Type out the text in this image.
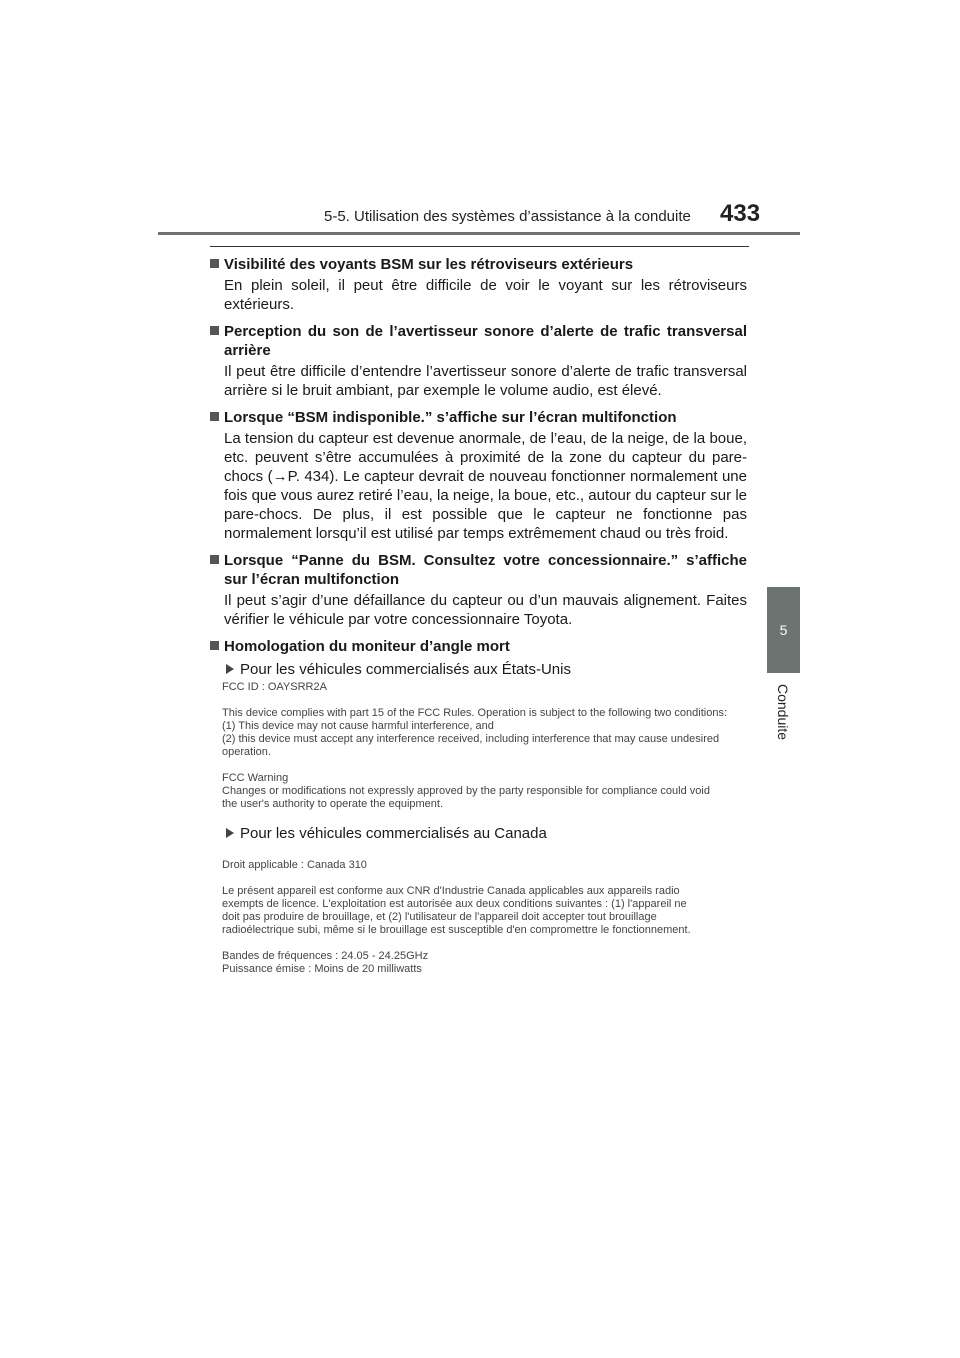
5-5. Utilisation des systèmes d’assistance à la conduite 433
5
Conduite
Visibilité des voyants BSM sur les rétroviseurs extérieurs
En plein soleil, il peut être difficile de voir le voyant sur les rétroviseurs extérieurs.
Perception du son de l’avertisseur sonore d’alerte de trafic transversal arrière
Il peut être difficile d’entendre l’avertisseur sonore d’alerte de trafic transversal arrière si le bruit ambiant, par exemple le volume audio, est élevé.
Lorsque “BSM indisponible.” s’affiche sur l’écran multifonction
La tension du capteur est devenue anormale, de l’eau, de la neige, de la boue, etc. peuvent s’être accumulées à proximité de la zone du capteur du pare-chocs (→P. 434). Le capteur devrait de nouveau fonctionner normalement une fois que vous aurez retiré l’eau, la neige, la boue, etc., autour du capteur sur le pare-chocs. De plus, il est possible que le capteur ne fonctionne pas normalement lorsqu’il est utilisé par temps extrêmement chaud ou très froid.
Lorsque “Panne du BSM. Consultez votre concessionnaire.” s’affiche sur l’écran multifonction
Il peut s’agir d’une défaillance du capteur ou d’un mauvais alignement. Faites vérifier le véhicule par votre concessionnaire Toyota.
Homologation du moniteur d’angle mort
Pour les véhicules commercialisés aux États-Unis
FCC ID : OAYSRR2A
This device complies with part 15 of the FCC Rules. Operation is subject to the following two conditions:
(1) This device may not cause harmful interference, and
(2) this device must accept any interference received, including interference that may cause undesired
operation.
FCC Warning
Changes or modifications not expressly approved by the party responsible for compliance could void
the user's authority to operate the equipment.
Pour les véhicules commercialisés au Canada
Droit applicable : Canada 310
Le présent appareil est conforme aux CNR d'Industrie Canada applicables aux appareils radio
exempts de licence. L'exploitation est autorisée aux deux conditions suivantes : (1) l'appareil ne
doit pas produire de brouillage, et (2) l'utilisateur de l'appareil doit accepter tout brouillage
radioélectrique subi, même si le brouillage est susceptible d'en compromettre le fonctionnement.
Bandes de fréquences : 24.05 - 24.25GHz
Puissance émise : Moins de 20 milliwatts
